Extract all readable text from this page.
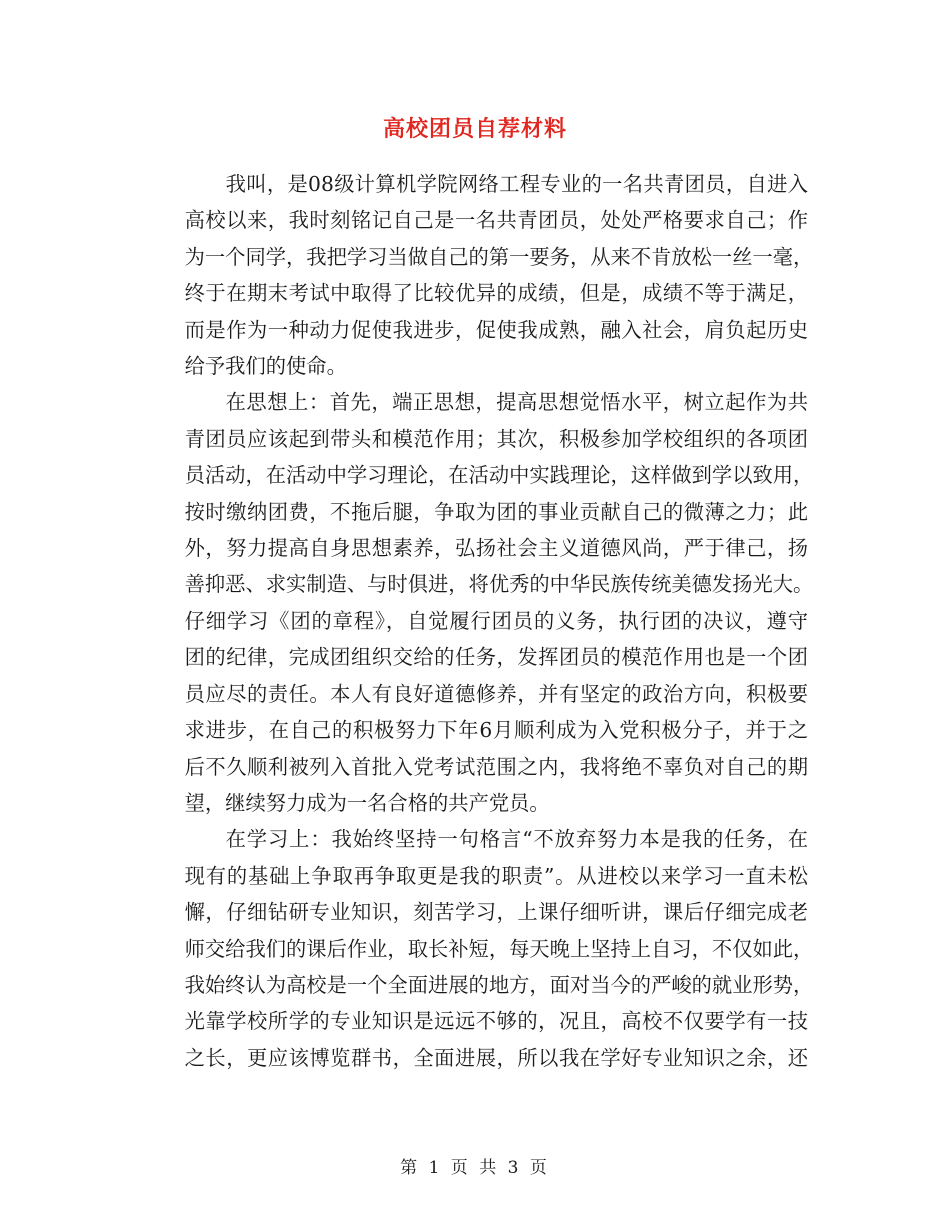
高校团员自荐材料

我叫，是08级计算机学院网络工程专业的一名共青团员，自进入
高校以来，我时刻铭记自己是一名共青团员，处处严格要求自己；作
为一个同学，我把学习当做自己的第一要务，从来不肯放松一丝一毫，
终于在期末考试中取得了比较优异的成绩，但是，成绩不等于满足，
而是作为一种动力促使我进步，促使我成熟，融入社会，肩负起历史
给予我们的使命。

在思想上：首先，端正思想，提高思想觉悟水平，树立起作为共
青团员应该起到带头和模范作用；其次，积极参加学校组织的各项团
员活动，在活动中学习理论，在活动中实践理论，这样做到学以致用，
按时缴纳团费，不拖后腿，争取为团的事业贡献自己的微薄之力；此
外，努力提高自身思想素养，弘扬社会主义道德风尚，严于律己，扬
善抑恶、求实制造、与时俱进，将优秀的中华民族传统美德发扬光大。
仔细学习《团的章程》，自觉履行团员的义务，执行团的决议，遵守
团的纪律，完成团组织交给的任务，发挥团员的模范作用也是一个团
员应尽的责任。本人有良好道德修养，并有坚定的政治方向，积极要
求进步，在自己的积极努力下年6月顺利成为入党积极分子，并于之
后不久顺利被列入首批入党考试范围之内，我将绝不辜负对自己的期
望，继续努力成为一名合格的共产党员。

在学习上：我始终坚持一句格言“不放弃努力本是我的任务，在
现有的基础上争取再争取更是我的职责”。从进校以来学习一直未松
懈，仔细钻研专业知识，刻苦学习，上课仔细听讲，课后仔细完成老
师交给我们的课后作业，取长补短，每天晚上坚持上自习，不仅如此，
我始终认为高校是一个全面进展的地方，面对当今的严峻的就业形势，
光靠学校所学的专业知识是远远不够的，况且，高校不仅要学有一技
之长，更应该博览群书，全面进展，所以我在学好专业知识之余，还

第 1 页 共 3 页
